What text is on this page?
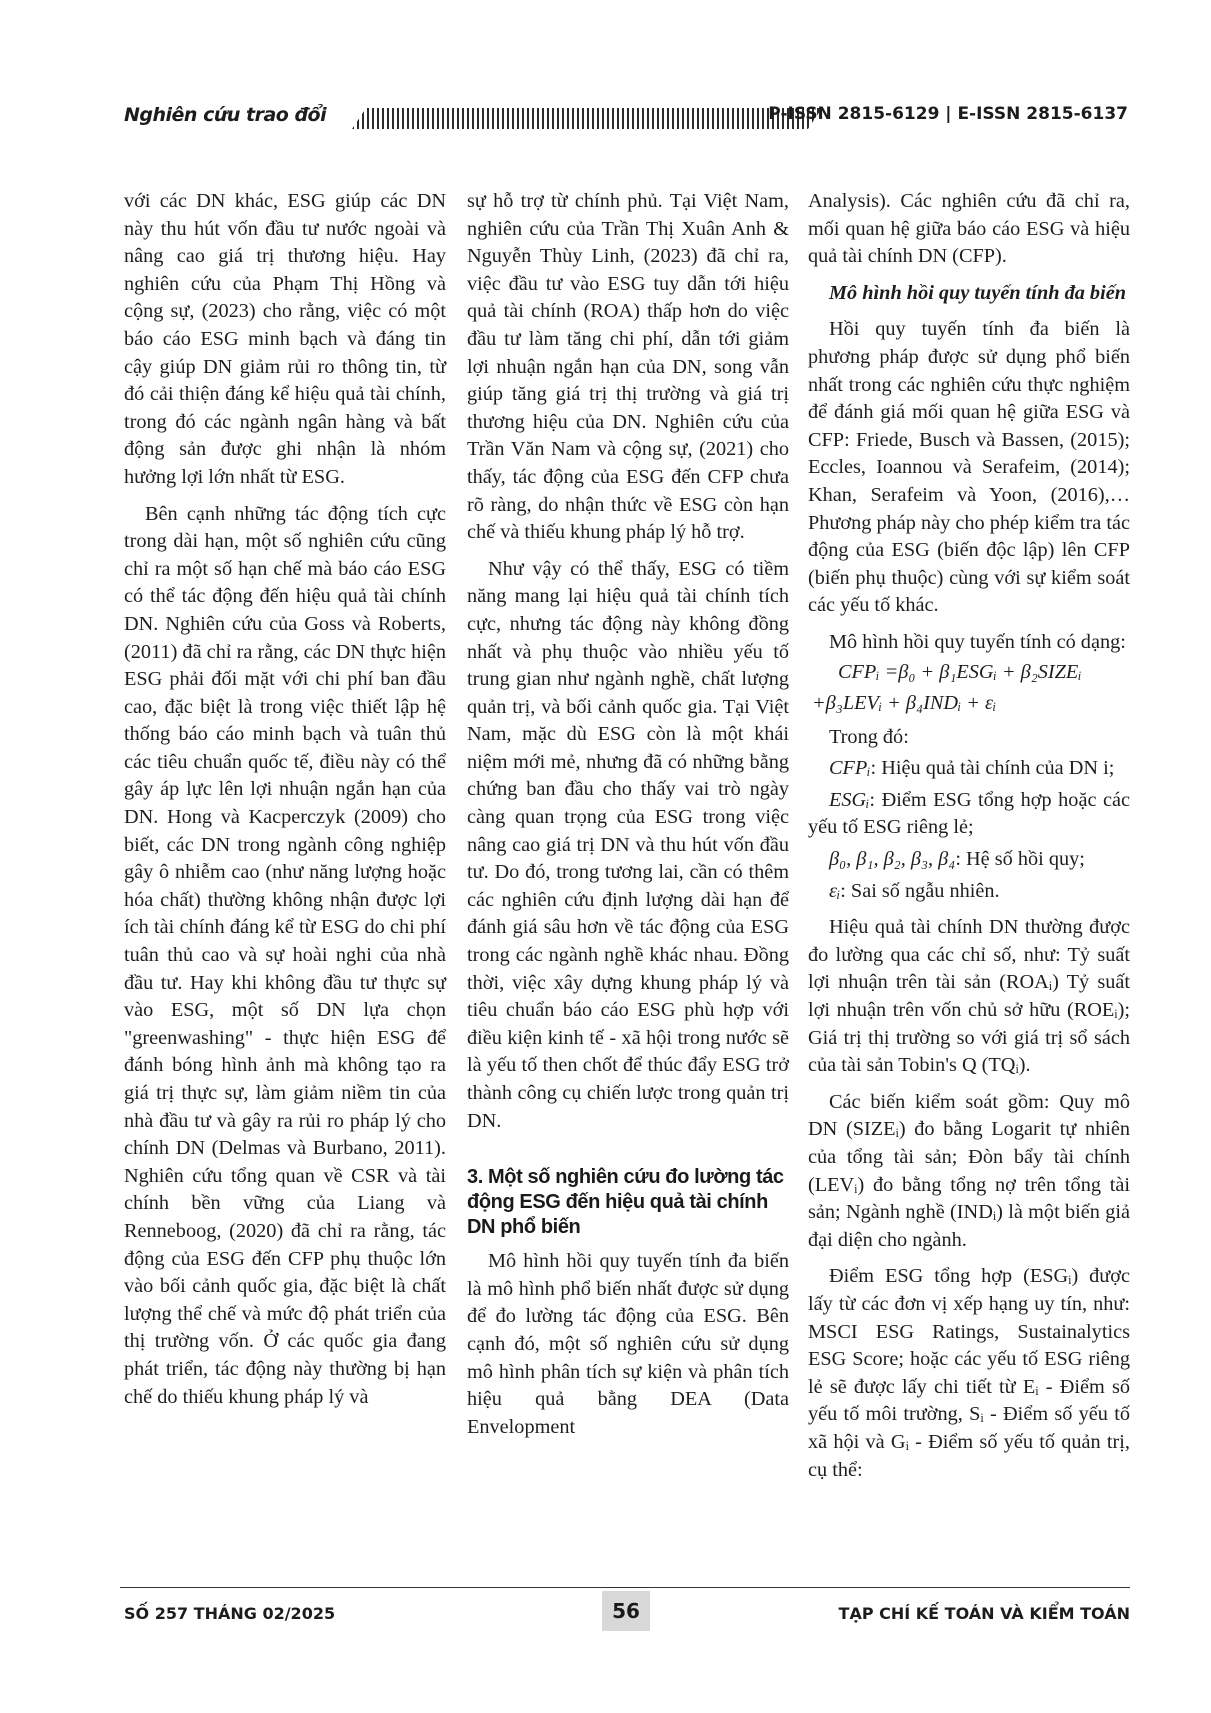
Nghiên cứu trao đổi	P-ISSN 2815-6129 | E-ISSN 2815-6137

với các DN khác, ESG giúp các DN này thu hút vốn đầu tư nước ngoài và nâng cao giá trị thương hiệu. Hay nghiên cứu của Phạm Thị Hồng và cộng sự, (2023) cho rằng, việc có một báo cáo ESG minh bạch và đáng tin cậy giúp DN giảm rủi ro thông tin, từ đó cải thiện đáng kể hiệu quả tài chính, trong đó các ngành ngân hàng và bất động sản được ghi nhận là nhóm hưởng lợi lớn nhất từ ESG.

Bên cạnh những tác động tích cực trong dài hạn, một số nghiên cứu cũng chỉ ra một số hạn chế mà báo cáo ESG có thể tác động đến hiệu quả tài chính DN. Nghiên cứu của Goss và Roberts, (2011) đã chỉ ra rằng, các DN thực hiện ESG phải đối mặt với chi phí ban đầu cao, đặc biệt là trong việc thiết lập hệ thống báo cáo minh bạch và tuân thủ các tiêu chuẩn quốc tế, điều này có thể gây áp lực lên lợi nhuận ngắn hạn của DN. Hong và Kacperczyk (2009) cho biết, các DN trong ngành công nghiệp gây ô nhiễm cao (như năng lượng hoặc hóa chất) thường không nhận được lợi ích tài chính đáng kể từ ESG do chi phí tuân thủ cao và sự hoài nghi của nhà đầu tư. Hay khi không đầu tư thực sự vào ESG, một số DN lựa chọn "greenwashing" - thực hiện ESG để đánh bóng hình ảnh mà không tạo ra giá trị thực sự, làm giảm niềm tin của nhà đầu tư và gây ra rủi ro pháp lý cho chính DN (Delmas và Burbano, 2011). Nghiên cứu tổng quan về CSR và tài chính bền vững của Liang và Renneboog, (2020) đã chỉ ra rằng, tác động của ESG đến CFP phụ thuộc lớn vào bối cảnh quốc gia, đặc biệt là chất lượng thể chế và mức độ phát triển của thị trường vốn. Ở các quốc gia đang phát triển, tác động này thường bị hạn chế do thiếu khung pháp lý và

sự hỗ trợ từ chính phủ. Tại Việt Nam, nghiên cứu của Trần Thị Xuân Anh & Nguyễn Thùy Linh, (2023) đã chỉ ra, việc đầu tư vào ESG tuy dẫn tới hiệu quả tài chính (ROA) thấp hơn do việc đầu tư làm tăng chi phí, dẫn tới giảm lợi nhuận ngắn hạn của DN, song vẫn giúp tăng giá trị thị trường và giá trị thương hiệu của DN. Nghiên cứu của Trần Văn Nam và cộng sự, (2021) cho thấy, tác động của ESG đến CFP chưa rõ ràng, do nhận thức về ESG còn hạn chế và thiếu khung pháp lý hỗ trợ.

Như vậy có thể thấy, ESG có tiềm năng mang lại hiệu quả tài chính tích cực, nhưng tác động này không đồng nhất và phụ thuộc vào nhiều yếu tố trung gian như ngành nghề, chất lượng quản trị, và bối cảnh quốc gia. Tại Việt Nam, mặc dù ESG còn là một khái niệm mới mẻ, nhưng đã có những bằng chứng ban đầu cho thấy vai trò ngày càng quan trọng của ESG trong việc nâng cao giá trị DN và thu hút vốn đầu tư. Do đó, trong tương lai, cần có thêm các nghiên cứu định lượng dài hạn để đánh giá sâu hơn về tác động của ESG trong các ngành nghề khác nhau. Đồng thời, việc xây dựng khung pháp lý và tiêu chuẩn báo cáo ESG phù hợp với điều kiện kinh tế - xã hội trong nước sẽ là yếu tố then chốt để thúc đẩy ESG trở thành công cụ chiến lược trong quản trị DN.

3. Một số nghiên cứu đo lường tác động ESG đến hiệu quả tài chính DN phổ biến

Mô hình hồi quy tuyến tính đa biến là mô hình phổ biến nhất được sử dụng để đo lường tác động của ESG. Bên cạnh đó, một số nghiên cứu sử dụng mô hình phân tích sự kiện và phân tích hiệu quả bằng DEA (Data Envelopment

Analysis). Các nghiên cứu đã chỉ ra, mối quan hệ giữa báo cáo ESG và hiệu quả tài chính DN (CFP).

Mô hình hồi quy tuyến tính đa biến

Hồi quy tuyến tính đa biến là phương pháp được sử dụng phổ biến nhất trong các nghiên cứu thực nghiệm để đánh giá mối quan hệ giữa ESG và CFP: Friede, Busch và Bassen, (2015); Eccles, Ioannou và Serafeim, (2014); Khan, Serafeim và Yoon, (2016),… Phương pháp này cho phép kiểm tra tác động của ESG (biến độc lập) lên CFP (biến phụ thuộc) cùng với sự kiểm soát các yếu tố khác.

Mô hình hồi quy tuyến tính có dạng:

CFPᵢ =β₀ + β₁ESGᵢ + β₂SIZEᵢ
+β₃LEVᵢ + β₄INDᵢ + εᵢ
Trong đó:
CFPᵢ: Hiệu quả tài chính của DN i;
ESGᵢ: Điểm ESG tổng hợp hoặc các yếu tố ESG riêng lẻ;
β₀, β₁, β₂, β₃, β₄: Hệ số hồi quy;
εᵢ: Sai số ngẫu nhiên.

Hiệu quả tài chính DN thường được đo lường qua các chỉ số, như: Tỷ suất lợi nhuận trên tài sản (ROAᵢ) Tỷ suất lợi nhuận trên vốn chủ sở hữu (ROEᵢ); Giá trị thị trường so với giá trị sổ sách của tài sản Tobin's Q (TQᵢ).

Các biến kiểm soát gồm: Quy mô DN (SIZEᵢ) đo bằng Logarit tự nhiên của tổng tài sản; Đòn bẩy tài chính (LEVᵢ) đo bằng tổng nợ trên tổng tài sản; Ngành nghề (INDᵢ) là một biến giả đại diện cho ngành.

Điểm ESG tổng hợp (ESGᵢ) được lấy từ các đơn vị xếp hạng uy tín, như: MSCI ESG Ratings, Sustainalytics ESG Score; hoặc các yếu tố ESG riêng lẻ sẽ được lấy chi tiết từ Eᵢ - Điểm số yếu tố môi trường, Sᵢ - Điểm số yếu tố xã hội và Gᵢ - Điểm số yếu tố quản trị, cụ thể:

SỐ 257 THÁNG 02/2025	56	TẠP CHÍ KẾ TOÁN VÀ KIỂM TOÁN
